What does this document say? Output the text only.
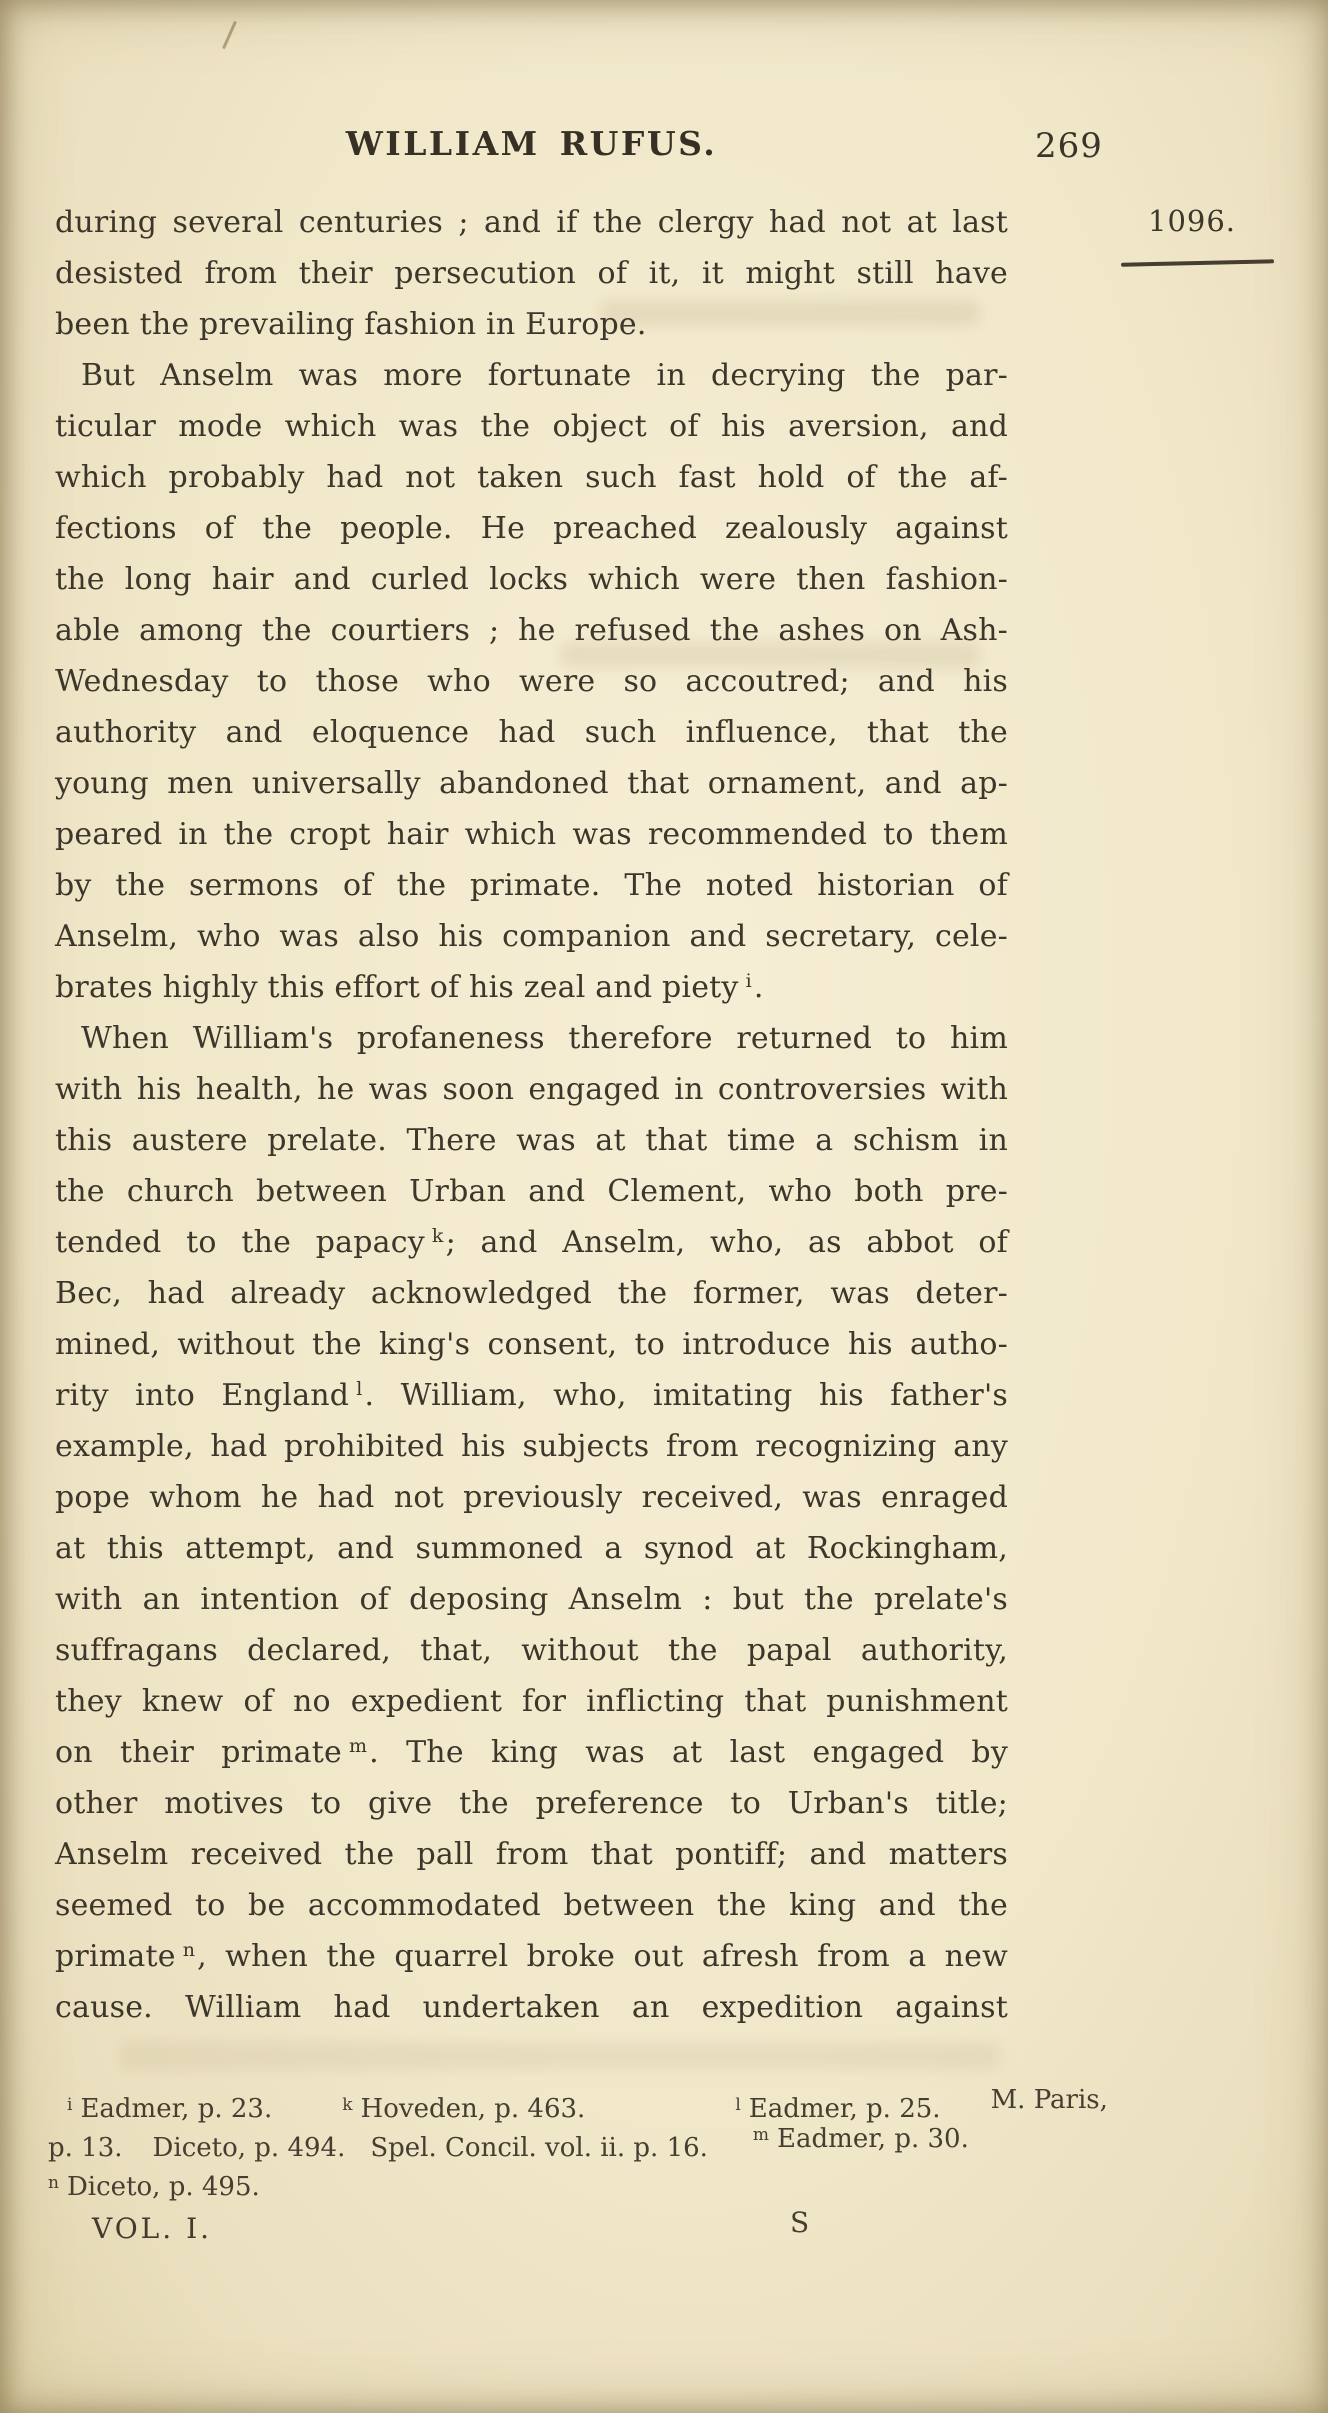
WILLIAM RUFUS.	269
1096.
during several centuries ; and if the clergy had not at last
desisted from their persecution of it, it might still have
been the prevailing fashion in Europe.
But Anselm was more fortunate in decrying the par-
ticular mode which was the object of his aversion, and
which probably had not taken such fast hold of the af-
fections of the people. He preached zealously against
the long hair and curled locks which were then fashion-
able among the courtiers ; he refused the ashes on Ash-
Wednesday to those who were so accoutred; and his
authority and eloquence had such influence, that the
young men universally abandoned that ornament, and ap-
peared in the cropt hair which was recommended to them
by the sermons of the primate. The noted historian of
Anselm, who was also his companion and secretary, cele-
brates highly this effort of his zeal and piety $^i$.
When William's profaneness therefore returned to him
with his health, he was soon engaged in controversies with
this austere prelate. There was at that time a schism in
the church between Urban and Clement, who both pre-
tended to the papacy $^k$; and Anselm, who, as abbot of
Bec, had already acknowledged the former, was deter-
mined, without the king's consent, to introduce his autho-
rity into England $^l$. William, who, imitating his father's
example, had prohibited his subjects from recognizing any
pope whom he had not previously received, was enraged
at this attempt, and summoned a synod at Rockingham,
with an intention of deposing Anselm : but the prelate's
suffragans declared, that, without the papal authority,
they knew of no expedient for inflicting that punishment
on their primate $^m$. The king was at last engaged by
other motives to give the preference to Urban's title;
Anselm received the pall from that pontiff; and matters
seemed to be accommodated between the king and the
primate $^n$, when the quarrel broke out afresh from a new
cause. William had undertaken an expedition against
$^i$ Eadmer, p. 23.	$^k$ Hoveden, p. 463.	$^l$ Eadmer, p. 25. M. Paris,
p. 13. Diceto, p. 494. Spel. Concil. vol. ii. p. 16.	$^m$ Eadmer, p. 30.
$^n$ Diceto, p. 495.
VOL. I.	S
